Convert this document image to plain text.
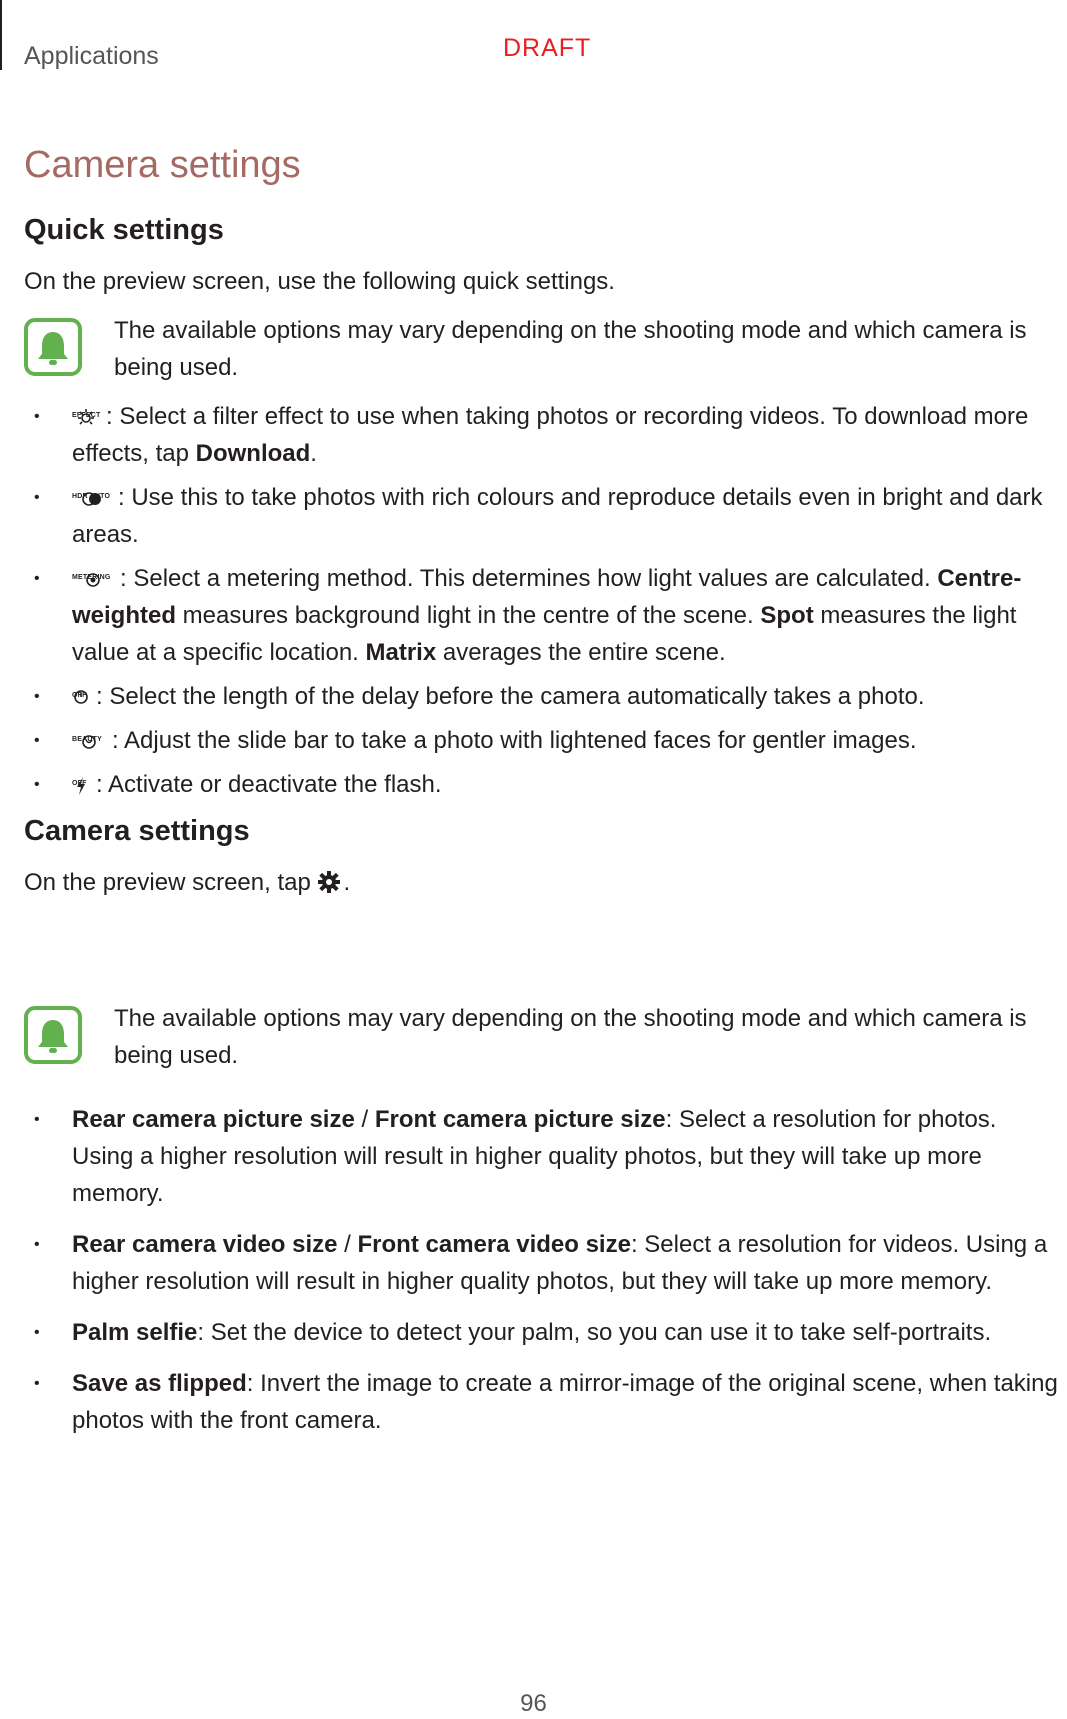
Applications	DRAFT
Camera settings
Quick settings

On the preview screen, use the following quick settings.

The available options may vary depending on the shooting mode and which camera is being used.
•	EFFECT : Select a filter effect to use when taking photos or recording videos. To download more effects, tap Download.
•	HDR AUTO : Use this to take photos with rich colours and reproduce details even in bright and dark areas.
•	METERING : Select a metering method. This determines how light values are calculated. Centre-weighted measures background light in the centre of the scene. Spot measures the light value at a specific location. Matrix averages the entire scene.
•	OFF : Select the length of the delay before the camera automatically takes a photo.
•	BEAUTY : Adjust the slide bar to take a photo with lightened faces for gentler images.
•	OFF : Activate or deactivate the flash.
Camera settings

On the preview screen, tap .

The available options may vary depending on the shooting mode and which camera is being used.
• Rear camera picture size / Front camera picture size: Select a resolution for photos. Using a higher resolution will result in higher quality photos, but they will take up more memory.
• Rear camera video size / Front camera video size: Select a resolution for videos. Using a higher resolution will result in higher quality photos, but they will take up more memory.
• Palm selfie: Set the device to detect your palm, so you can use it to take self-portraits.
• Save as flipped: Invert the image to create a mirror-image of the original scene, when taking photos with the front camera.
96
